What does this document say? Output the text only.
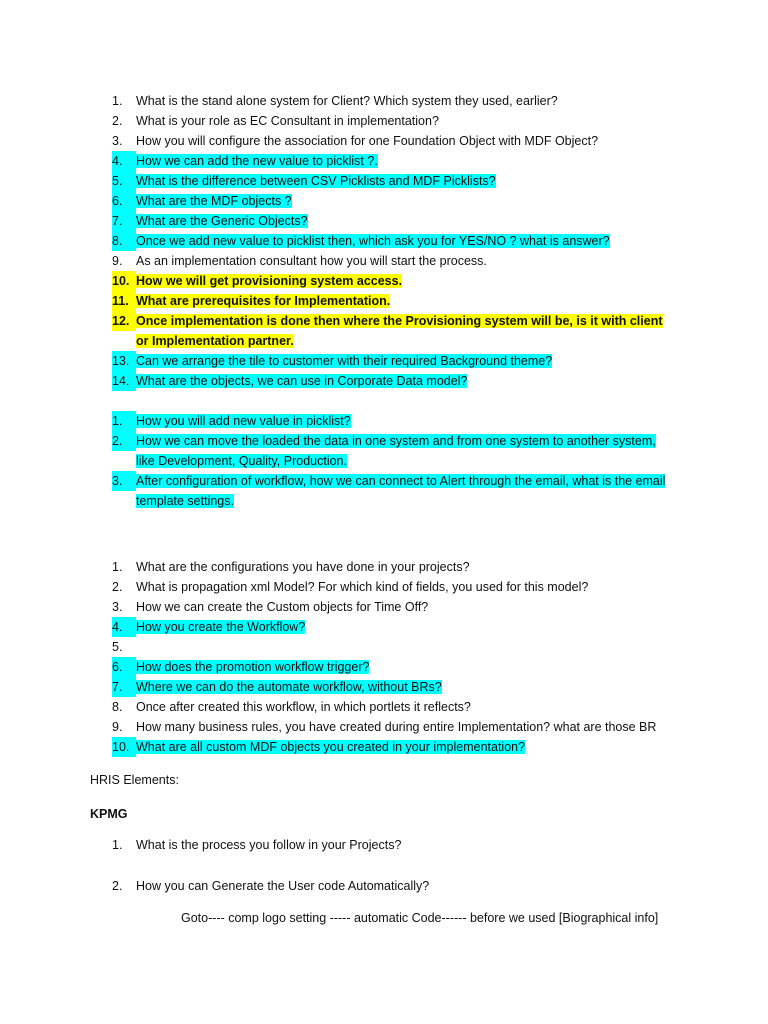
1.	What is the stand alone system for Client? Which system they used, earlier?
2.	What is your role as EC Consultant in implementation?
3.	How you will configure the association for one Foundation Object with MDF Object?
4.	How we can add the new value to picklist ?.
5.	What is the difference between CSV Picklists and MDF Picklists?
6.	What are the MDF objects ?
7.	What are the Generic Objects?
8.	Once we add new value to picklist then, which ask you for YES/NO ? what is answer?
9.	As an implementation consultant how you will start the process.
10. How we will get provisioning system access.
11. What are prerequisites for Implementation.
12. Once implementation is done then where the Provisioning system will be, is it with client or Implementation partner.
13. Can we arrange the tile to customer with their required Background theme?
14. What are the objects, we can use in Corporate Data model?
1.	How you will add new value in picklist?
2.	How we can move the loaded the data in one system and from one system to another system, like Development, Quality, Production.
3.	After configuration of workflow, how we can connect to Alert through the email, what is the email template settings.
1.	What are the configurations you have done in your projects?
2.	What is propagation xml Model? For which kind of fields, you used for this model?
3.	How we can create the Custom objects for Time Off?
4.	How you create the Workflow?
5.
6.	How does the promotion workflow trigger?
7.	Where we can do the automate workflow, without BRs?
8.	Once after created this workflow, in which portlets it reflects?
9.	How many business rules, you have created during entire Implementation? what are those BR
10. What are all custom MDF objects you created in your implementation?
HRIS Elements:
KPMG
1.	What is the process you follow in your Projects?
2.	How you can Generate the User code Automatically?
Goto---- comp logo setting ----- automatic Code------ before we used [Biographical info]
